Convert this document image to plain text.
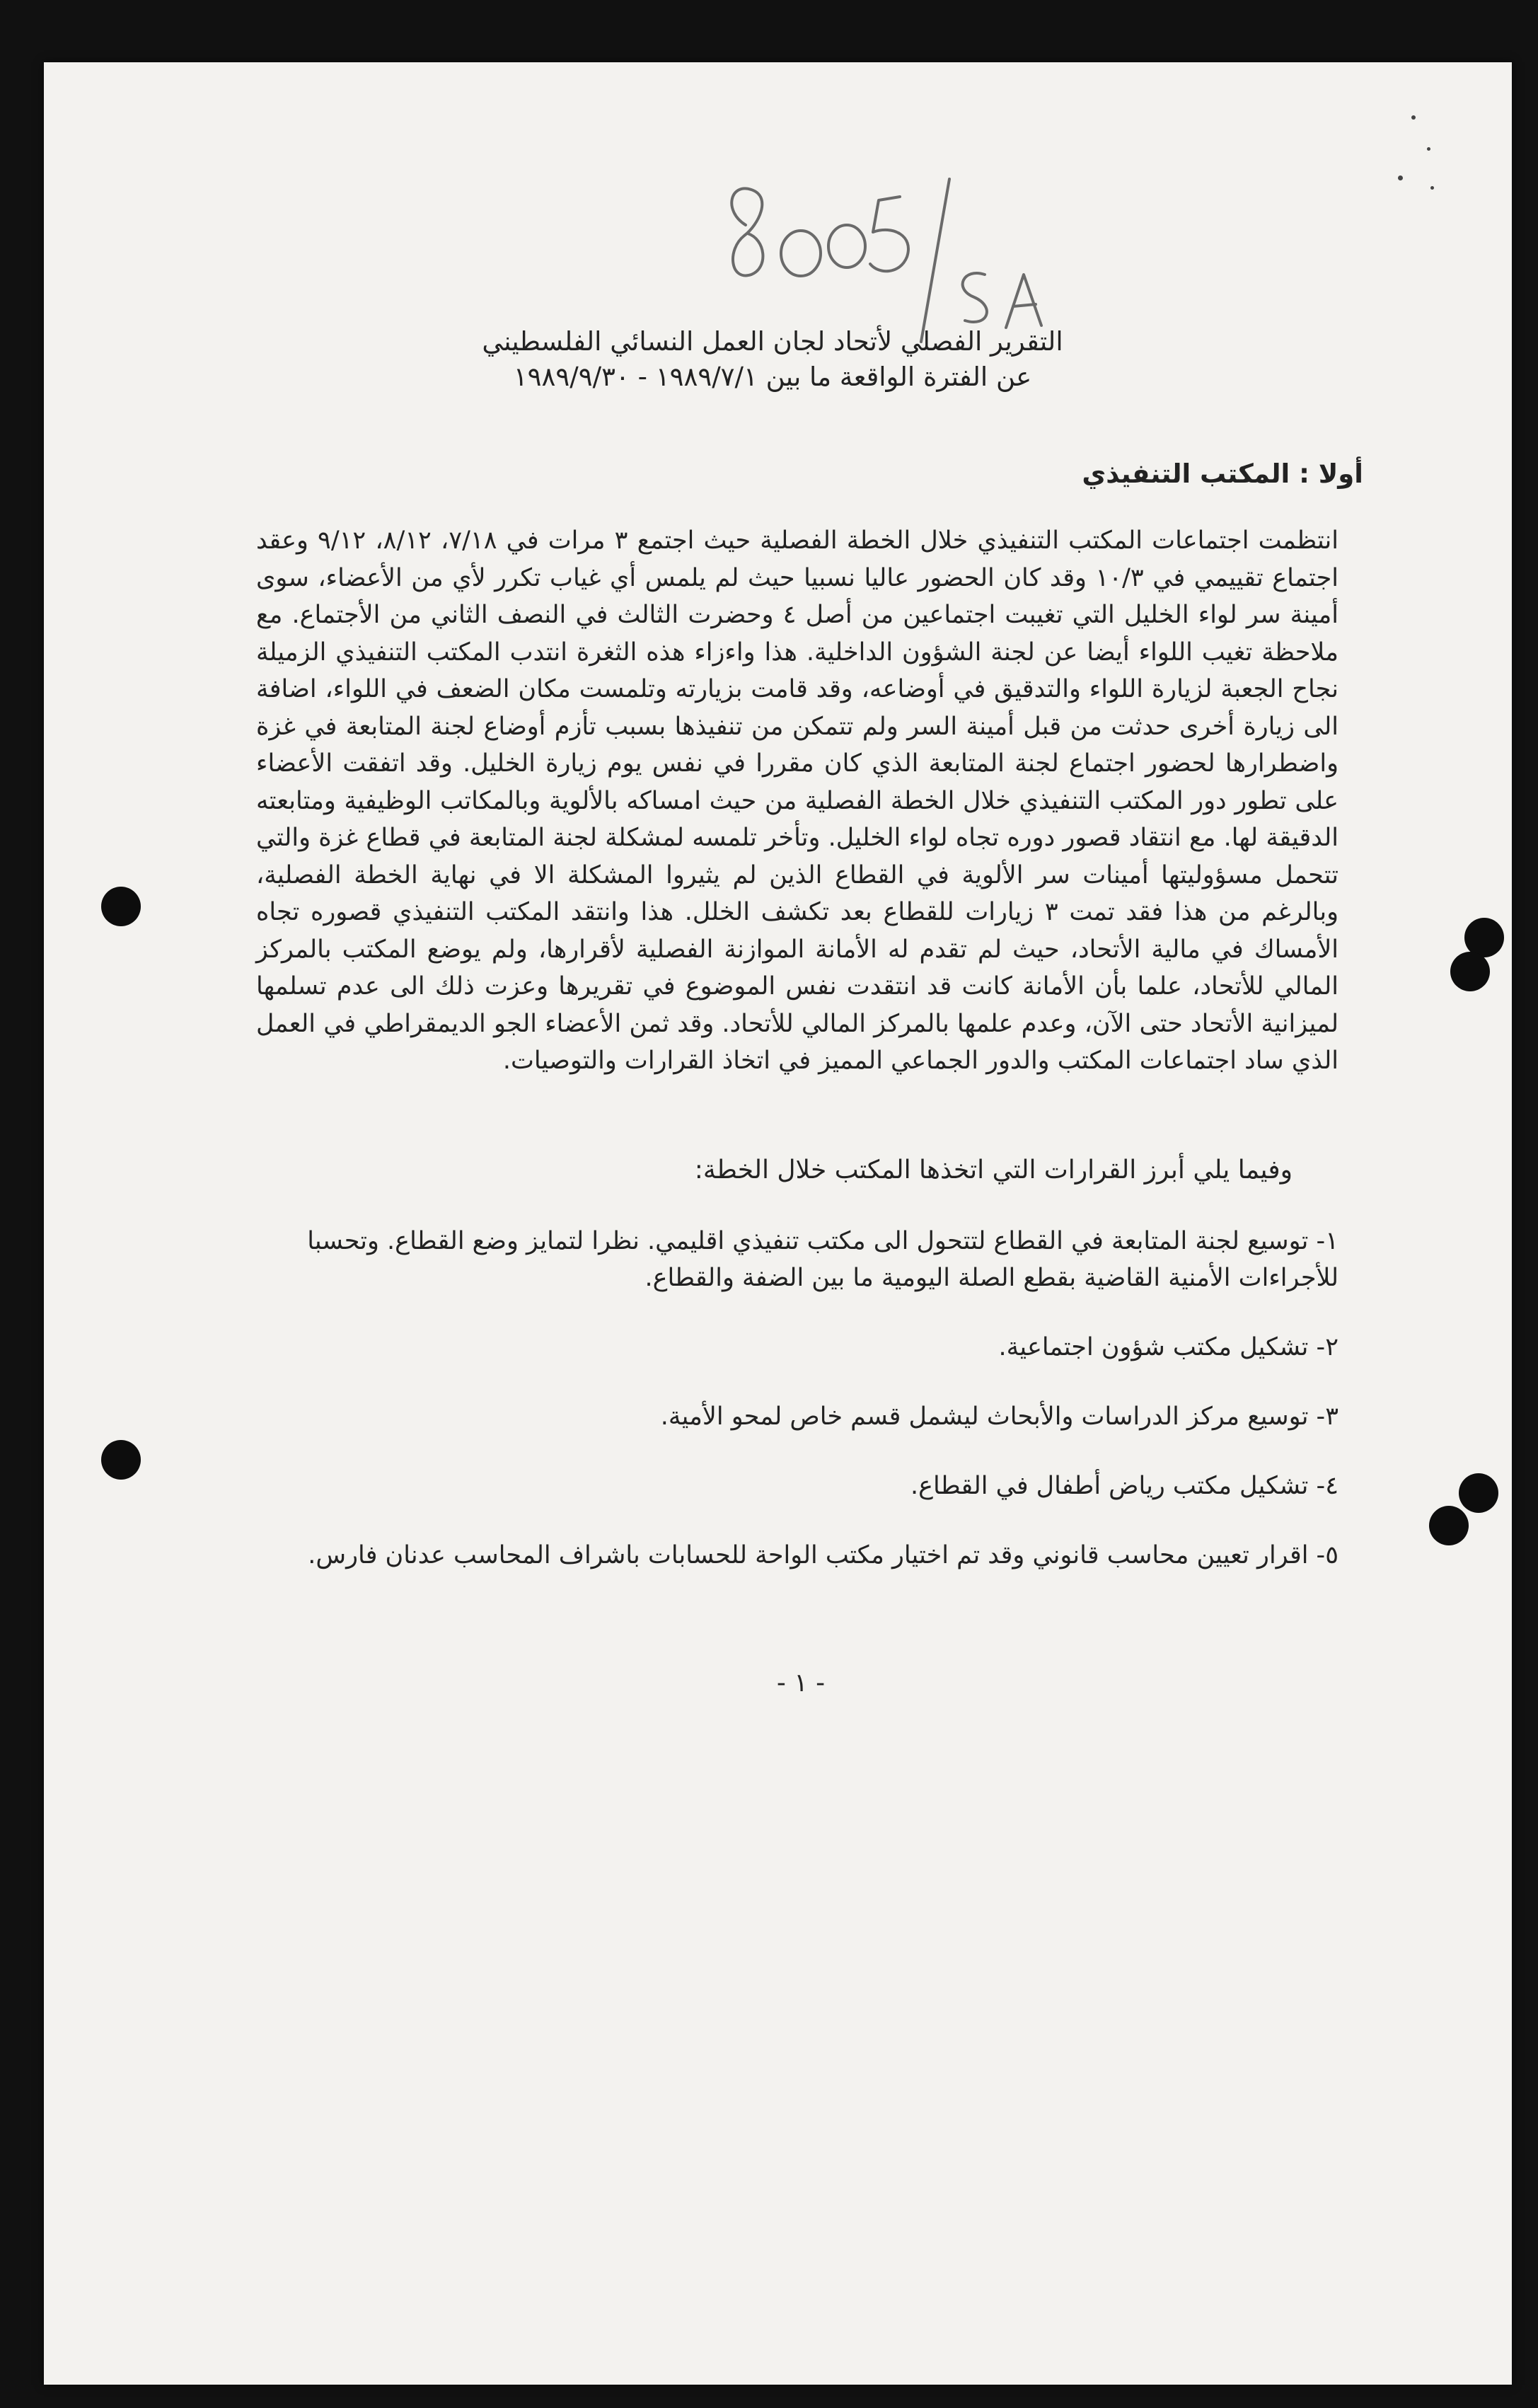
التقرير الفصلي لأتحاد لجان العمل النسائي الفلسطيني
عن الفترة الواقعة ما بين ١٩٨٩/٧/١ - ١٩٨٩/٩/٣٠
أولا : المكتب التنفيذي
انتظمت اجتماعات المكتب التنفيذي خلال الخطة الفصلية حيث اجتمع ٣ مرات في ٧/١٨، ٨/١٢، ٩/١٢ وعقد اجتماع تقييمي في ١٠/٣ وقد كان الحضور عاليا نسبيا حيث لم يلمس أي غياب تكرر لأي من الأعضاء، سوى أمينة سر لواء الخليل التي تغيبت اجتماعين من أصل ٤ وحضرت الثالث في النصف الثاني من الأجتماع. مع ملاحظة تغيب اللواء أيضا عن لجنة الشؤون الداخلية. هذا واءزاء هذه الثغرة انتدب المكتب التنفيذي الزميلة نجاح الجعبة لزيارة اللواء والتدقيق في أوضاعه، وقد قامت بزيارته وتلمست مكان الضعف في اللواء، اضافة الى زيارة أخرى حدثت من قبل أمينة السر ولم تتمكن من تنفيذها بسبب تأزم أوضاع لجنة المتابعة في غزة واضطرارها لحضور اجتماع لجنة المتابعة الذي كان مقررا في نفس يوم زيارة الخليل. وقد اتفقت الأعضاء على تطور دور المكتب التنفيذي خلال الخطة الفصلية من حيث امساكه بالألوية وبالمكاتب الوظيفية ومتابعته الدقيقة لها. مع انتقاد قصور دوره تجاه لواء الخليل. وتأخر تلمسه لمشكلة لجنة المتابعة في قطاع غزة والتي تتحمل مسؤوليتها أمينات سر الألوية في القطاع الذين لم يثيروا المشكلة الا في نهاية الخطة الفصلية، وبالرغم من هذا فقد تمت ٣ زيارات للقطاع بعد تكشف الخلل. هذا وانتقد المكتب التنفيذي قصوره تجاه الأمساك في مالية الأتحاد، حيث لم تقدم له الأمانة الموازنة الفصلية لأقرارها، ولم يوضع المكتب بالمركز المالي للأتحاد، علما بأن الأمانة كانت قد انتقدت نفس الموضوع في تقريرها وعزت ذلك الى عدم تسلمها لميزانية الأتحاد حتى الآن، وعدم علمها بالمركز المالي للأتحاد. وقد ثمن الأعضاء الجو الديمقراطي في العمل الذي ساد اجتماعات المكتب والدور الجماعي المميز في اتخاذ القرارات والتوصيات.
وفيما يلي أبرز القرارات التي اتخذها المكتب خلال الخطة:
١- توسيع لجنة المتابعة في القطاع لتتحول الى مكتب تنفيذي اقليمي. نظرا لتمايز وضع القطاع. وتحسبا للأجراءات الأمنية القاضية بقطع الصلة اليومية ما بين الضفة والقطاع.
٢- تشكيل مكتب شؤون اجتماعية.
٣- توسيع مركز الدراسات والأبحاث ليشمل قسم خاص لمحو الأمية.
٤- تشكيل مكتب رياض أطفال في القطاع.
٥- اقرار تعيين محاسب قانوني وقد تم اختيار مكتب الواحة للحسابات باشراف المحاسب عدنان فارس.
- ١ -
